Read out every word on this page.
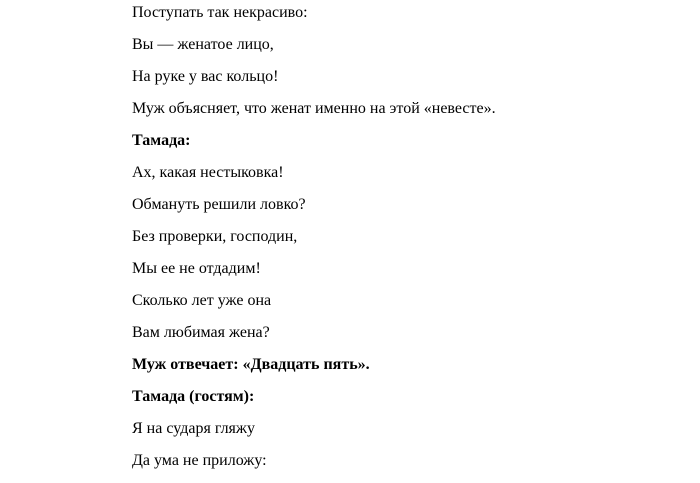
Поступать так некрасиво:
Вы — женатое лицо,
На руке у вас кольцо!
Муж объясняет, что женат именно на этой «невесте».
Тамада:
Ах, какая нестыковка!
Обмануть решили ловко?
Без проверки, господин,
Мы ее не отдадим!
Сколько лет уже она
Вам любимая жена?
Муж отвечает: «Двадцать пять».
Тамада (гостям):
Я на сударя гляжу
Да ума не приложу:
